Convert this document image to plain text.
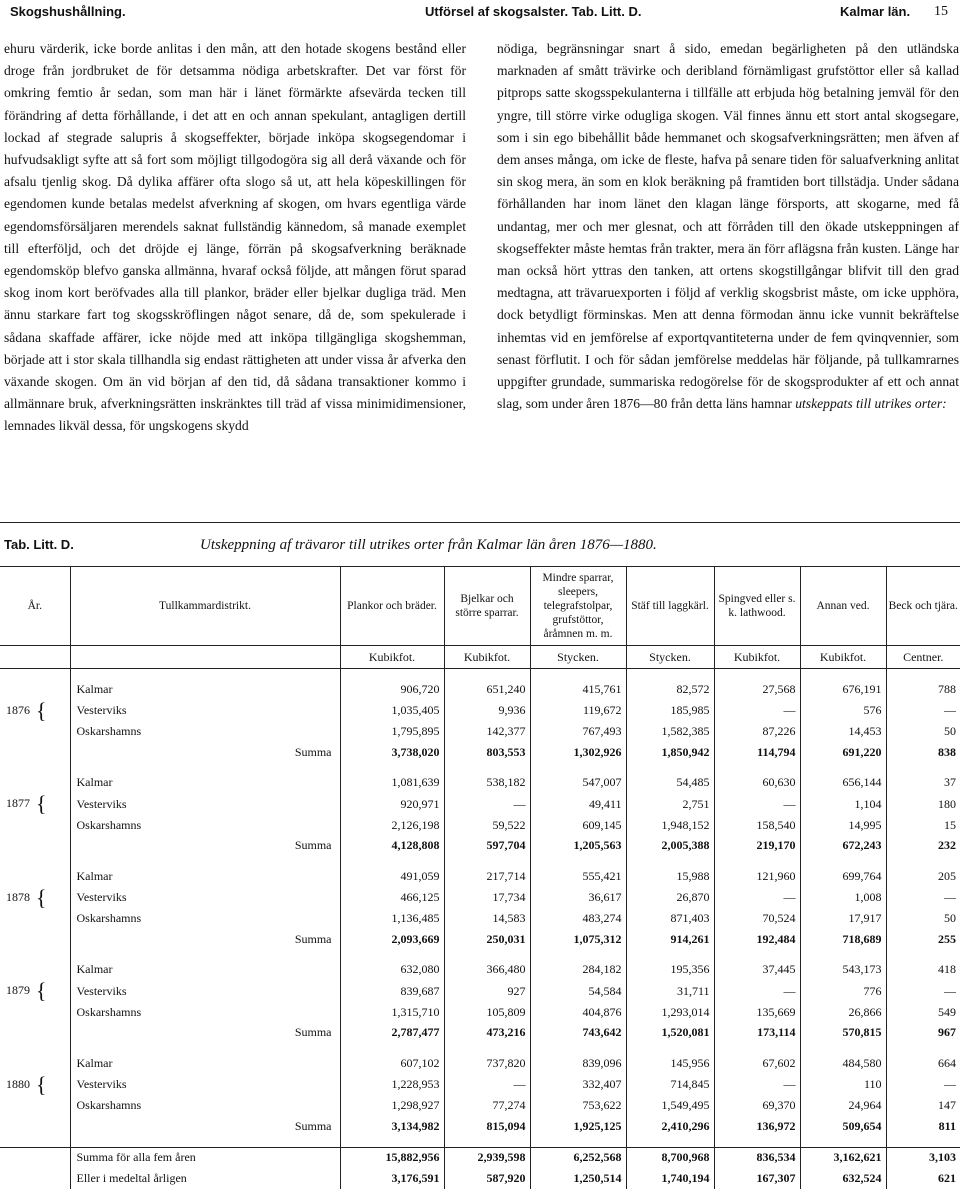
Skogshushållning.	Utförsel af skogsalster. Tab. Litt. D.	Kalmar län. 15
ehuru värderik, icke borde anlitas i den mån, att den hotade skogens bestånd eller droge från jordbruket de för detsamma nödiga arbetskrafter. Det var först för omkring femtio år sedan, som man här i länet förmärkte afsevärda tecken till förändring af detta förhållande, i det att en och annan spekulant, antagligen dertill lockad af stegrade salupris å skogseffekter, började inköpa skogsegendomar i hufvudsakligt syfte att så fort som möjligt tillgodogöra sig all derå växande och för afsalu tjenlig skog. Då dylika affärer ofta slogo så ut, att hela köpeskillingen för egendomen kunde betalas medelst afverkning af skogen, om hvars egentliga värde egendomsförsäljaren merendels saknat fullständig kännedom, så manade exemplet till efterföljd, och det dröjde ej länge, förrän på skogsafverkning beräknade egendomsköp blefvo ganska allmänna, hvaraf också följde, att mången förut sparad skog inom kort beröfvades alla till plankor, bräder eller bjelkar dugliga träd. Men ännu starkare fart tog skogsskröflingen något senare, då de, som spekulerade i sådana skaffade affärer, icke nöjde med att inköpa tillgängliga skogshemman, började att i stor skala tillhandla sig endast rättigheten att under vissa år afverka den växande skogen. Om än vid början af den tid, då sådana transaktioner kommo i allmännare bruk, afverkningsrätten inskränktes till träd af vissa minimidimensioner, lemnades likväl dessa, för ungskogens skydd
nödiga, begränsningar snart å sido, emedan begärligheten på den utländska marknaden af smått trävirke och deribland förnämligast grufstöttor eller så kallad pitprops satte skogsspekulanterna i tillfälle att erbjuda hög betalning jemväl för den yngre, till större virke odugliga skogen. Väl finnes ännu ett stort antal skogsegare, som i sin ego bibehållit både hemmanet och skogsafverkningsrätten; men äfven af dem anses många, om icke de fleste, hafva på senare tiden för saluafverkning anlitat sin skog mera, än som en klok beräkning på framtiden bort tillstädja. Under sådana förhållanden har inom länet den klagan länge försports, att skogarne, med få undantag, mer och mer glesnat, och att förråden till den ökade utskeppningen af skogseffekter måste hemtas från trakter, mera än förr aflägsna från kusten. Länge har man också hört yttras den tanken, att ortens skogstillgångar blifvit till den grad medtagna, att trävaruexporten i följd af verklig skogsbrist måste, om icke upphöra, dock betydligt förminskas. Men att denna förmodan ännu icke vunnit bekräftelse inhemtas vid en jemförelse af exportqvantiteterna under de fem qvinqvennier, som senast förflutit. I och för sådan jemförelse meddelas här följande, på tullkamrarnes uppgifter grundade, summariska redogörelse för de skogsprodukter af ett och annat slag, som under åren 1876—80 från detta läns hamnar utskeppats till utrikes orter:
Tab. Litt. D.	Utskeppning af trävaror till utrikes orter från Kalmar län åren 1876—1880.
År.	Tullkammardistrikt.	Plankor och bräder.	Bjelkar och större sparrar.	Mindre sparrar, sleepers, telegrafstolpar, grufstöttor, åråmnen m. m.	Stäf till laggkärl.	Spingved eller s. k. lathwood.	Annan ved.	Beck och tjära.
		Kubikfot.	Kubikfot.	Stycken.	Stycken.	Kubikfot.	Kubikfot.	Centner.

	Kalmar	906,720	651,240	415,761	82,572	27,568	676,191	788
1876 {	Vesterviks	1,035,405	9,936	119,672	185,985	—	576	—
	Oskarshamns	1,795,895	142,377	767,493	1,582,385	87,226	14,453	50
	Summa	3,738,020	803,553	1,302,926	1,850,942	114,794	691,220	838

	Kalmar	1,081,639	538,182	547,007	54,485	60,630	656,144	37
1877 {	Vesterviks	920,971	—	49,411	2,751	—	1,104	180
	Oskarshamns	2,126,198	59,522	609,145	1,948,152	158,540	14,995	15
	Summa	4,128,808	597,704	1,205,563	2,005,388	219,170	672,243	232

	Kalmar	491,059	217,714	555,421	15,988	121,960	699,764	205
1878 {	Vesterviks	466,125	17,734	36,617	26,870	—	1,008	—
	Oskarshamns	1,136,485	14,583	483,274	871,403	70,524	17,917	50
	Summa	2,093,669	250,031	1,075,312	914,261	192,484	718,689	255

	Kalmar	632,080	366,480	284,182	195,356	37,445	543,173	418
1879 {	Vesterviks	839,687	927	54,584	31,711	—	776	—
	Oskarshamns	1,315,710	105,809	404,876	1,293,014	135,669	26,866	549
	Summa	2,787,477	473,216	743,642	1,520,081	173,114	570,815	967

	Kalmar	607,102	737,820	839,096	145,956	67,602	484,580	664
1880 {	Vesterviks	1,228,953	—	332,407	714,845	—	110	—
	Oskarshamns	1,298,927	77,274	753,622	1,549,495	69,370	24,964	147
	Summa	3,134,982	815,094	1,925,125	2,410,296	136,972	509,654	811

	Summa för alla fem åren	15,882,956	2,939,598	6,252,568	8,700,968	836,534	3,162,621	3,103
	Eller i medeltal årligen	3,176,591	587,920	1,250,514	1,740,194	167,307	632,524	621
